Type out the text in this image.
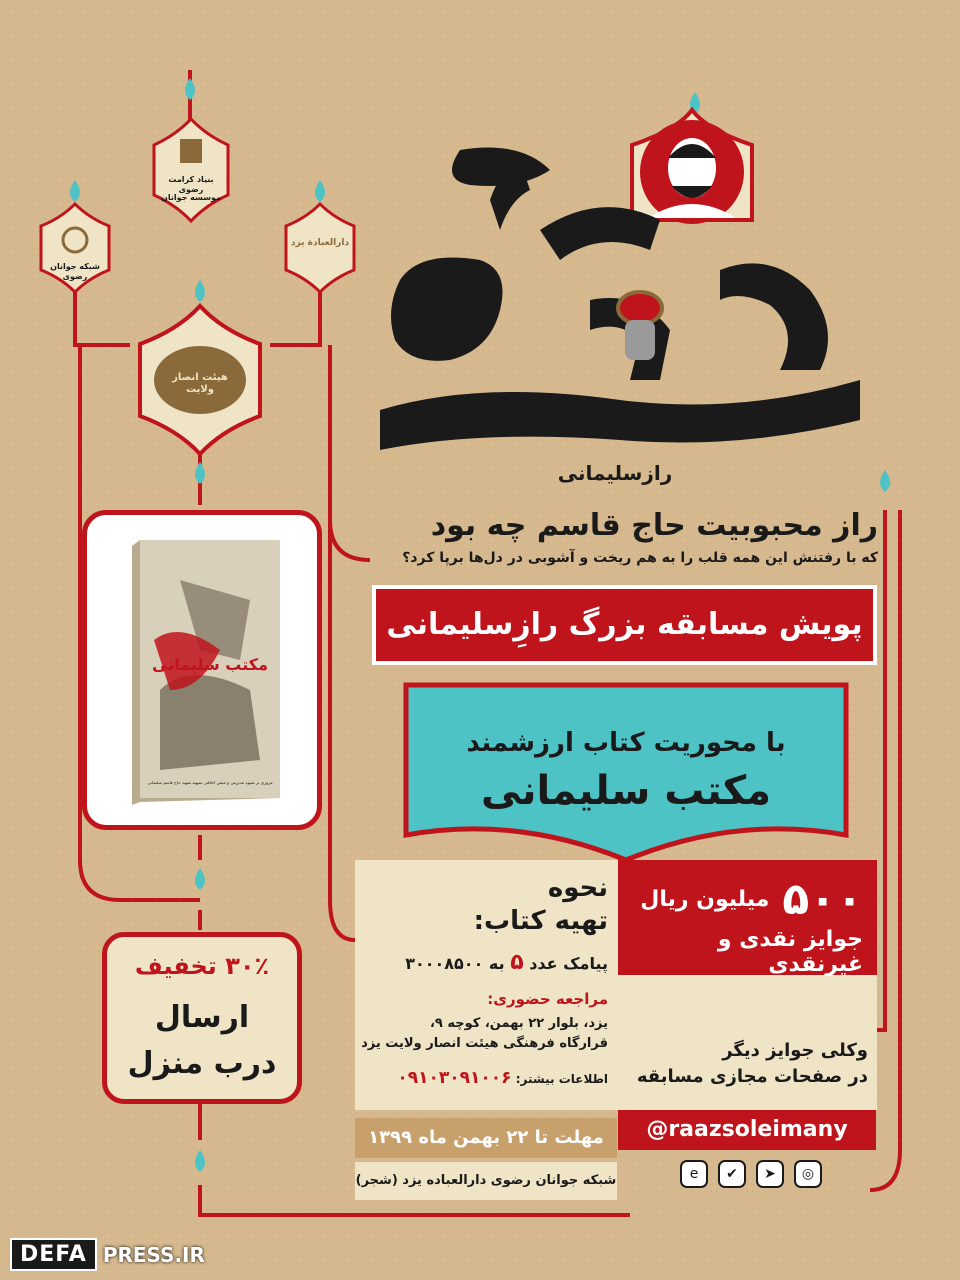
بنیاد کرامت رضوی
موسسه جوانان
شبکه جوانان رضوی
دارالعبادة یزد
هیئت انصار ولایت
رازسلیمانی
راز محبوبیت حاج قاسم چه بود
که با رفتنش این همه قلب را به هم ریخت و آشوبی در دل‌ها برپا کرد؟
پویش مسابقه بزرگ رازِسلیمانی
با محوریت کتاب ارزشمند
مکتب سلیمانی
۵۰۰ میلیون ریال
جوایز نقدی و غیرنقدی
وکلی جوایز دیگر
در صفحات مجازی مسابقه
نحوه
تهیه کتاب:
پیامک عدد ۵ به ۳۰۰۰۸۵۰۰
مراجعه حضوری:
یزد، بلوار ۲۲ بهمن، کوچه ۹،
قرارگاه فرهنگی هیئت انصار ولایت یزد
اطلاعات بیشتر: ۰۹۱۰۳۰۹۱۰۰۶
مهلت تا ۲۲ بهمن ماه ۱۳۹۹
شبکه جوانان رضوی دارالعباده یزد (شجر)
@raazsoleimany
e	✔	➤	◎
مکتب سلیمانی
مروری بر شیوه مدیریتی و منش اخلاقی سپهبد شهید حاج قاسم سلیمانی
۳۰٪ تخفیف
ارسال
درب منزل
DEFA PRESS.IR
